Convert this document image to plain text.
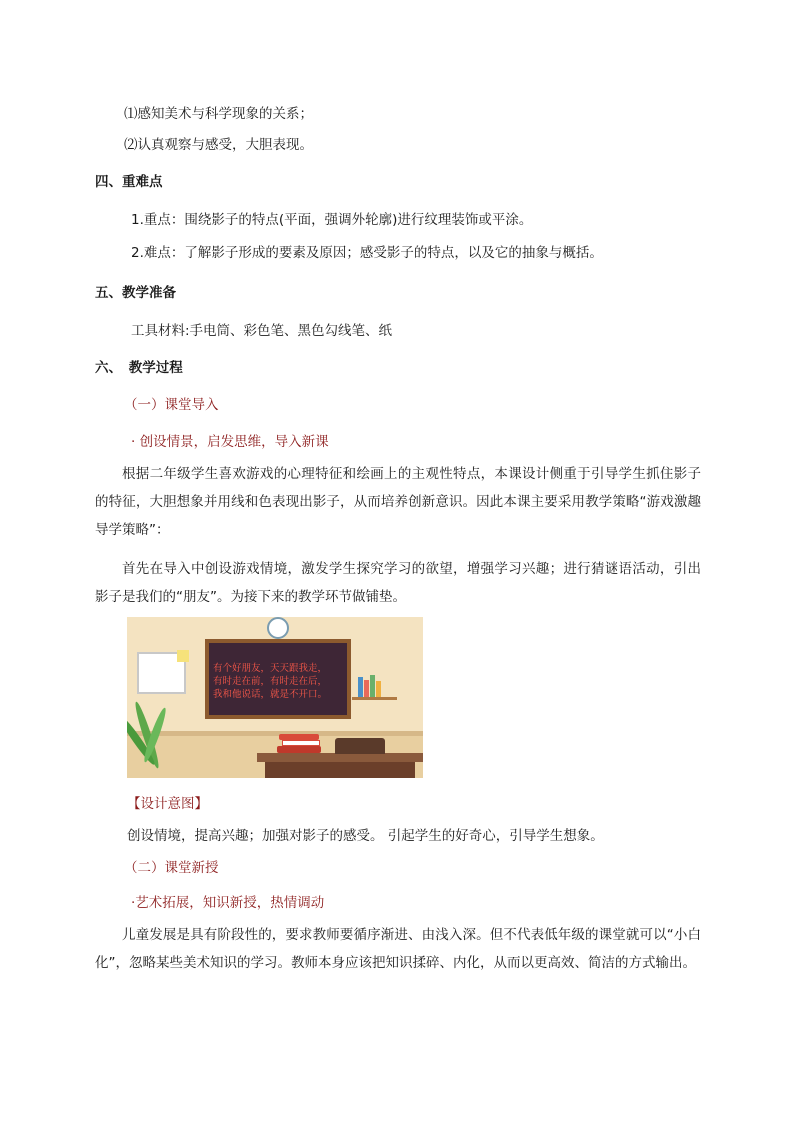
⑴感知美术与科学现象的关系；
⑵认真观察与感受，大胆表现。
四、重难点
1.重点：围绕影子的特点(平面，强调外轮廓)进行纹理装饰或平涂。
2.难点：了解影子形成的要素及原因；感受影子的特点，以及它的抽象与概括。
五、教学准备
工具材料:手电筒、彩色笔、黑色勾线笔、纸
六、　教学过程
（一）课堂导入
· 创设情景，启发思维，导入新课
根据二年级学生喜欢游戏的心理特征和绘画上的主观性特点，本课设计侧重于引导学生抓住影子的特征，大胆想象并用线和色表现出影子，从而培养创新意识。因此本课主要采用教学策略“游戏激趣导学策略”：
首先在导入中创设游戏情境，激发学生探究学习的欲望，增强学习兴趣；进行猜谜语活动，引出影子是我们的“朋友”。为接下来的教学环节做铺垫。
有个好朋友，天天跟我走，
有时走在前，有时走在后，
我和他说话，就是不开口。
【设计意图】
创设情境，提高兴趣；加强对影子的感受。 引起学生的好奇心，引导学生想象。
（二）课堂新授
·艺术拓展，知识新授，热情调动
儿童发展是具有阶段性的，要求教师要循序渐进、由浅入深。但不代表低年级的课堂就可以“小白化”，忽略某些美术知识的学习。教师本身应该把知识揉碎、内化，从而以更高效、简洁的方式输出。
